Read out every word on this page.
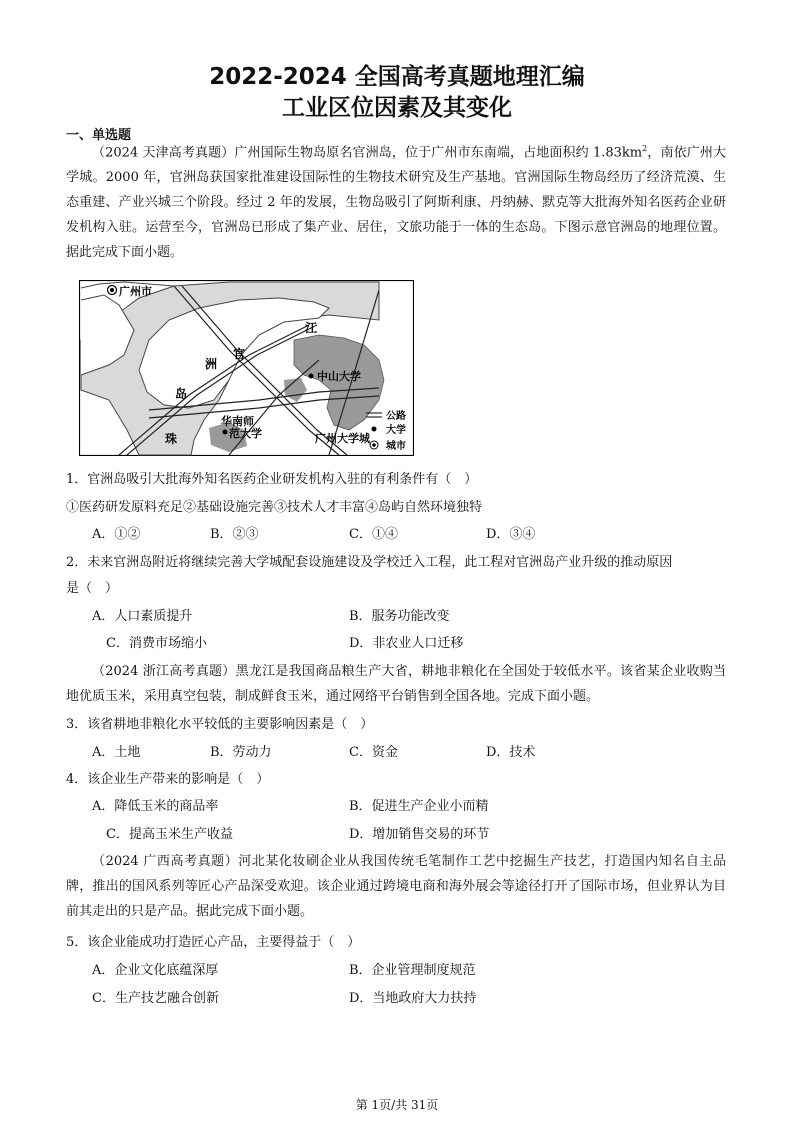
2022-2024 全国高考真题地理汇编
工业区位因素及其变化
一、单选题
（2024 天津高考真题）广州国际生物岛原名官洲岛，位于广州市东南端，占地面积约 $1.83km^2$，南依广州大学城。2000 年，官洲岛获国家批准建设国际性的生物技术研究及生产基地。官洲国际生物岛经历了经济荒漠、生态重建、产业兴城三个阶段。经过 2 年的发展，生物岛吸引了阿斯利康、丹纳赫、默克等大批海外知名医药企业研发机构入驻。运营至今，官洲岛已形成了集产业、居住，文旅功能于一体的生态岛。下图示意官洲岛的地理位置。据此完成下面小题。
广州市
江
官
洲
岛
珠
中山大学
华南师
范大学	广州大学城
公路
大学
城市
1．官洲岛吸引大批海外知名医药企业研发机构入驻的有利条件有（　）
①医药研发原料充足②基础设施完善③技术人才丰富④岛屿自然环境独特
A．①②	B．②③	C．①④	D．③④
2．未来官洲岛附近将继续完善大学城配套设施建设及学校迁入工程，此工程对官洲岛产业升级的推动原因
是（　）
A．人口素质提升	B．服务功能改变
C．消费市场缩小	D．非农业人口迁移
（2024 浙江高考真题）黑龙江是我国商品粮生产大省，耕地非粮化在全国处于较低水平。该省某企业收购当地优质玉米，采用真空包装，制成鲜食玉米，通过网络平台销售到全国各地。完成下面小题。
3．该省耕地非粮化水平较低的主要影响因素是（　）
A．土地	B．劳动力	C．资金	D．技术
4．该企业生产带来的影响是（　）
A．降低玉米的商品率	B．促进生产企业小而精
C．提高玉米生产收益	D．增加销售交易的环节
（2024 广西高考真题）河北某化妆刷企业从我国传统毛笔制作工艺中挖掘生产技艺，打造国内知名自主品牌，推出的国风系列等匠心产品深受欢迎。该企业通过跨境电商和海外展会等途径打开了国际市场，但业界认为目前其走出的只是产品。据此完成下面小题。
5．该企业能成功打造匠心产品，主要得益于（　）
A．企业文化底蕴深厚	B．企业管理制度规范
C．生产技艺融合创新	D．当地政府大力扶持
第 1页/共 31页
